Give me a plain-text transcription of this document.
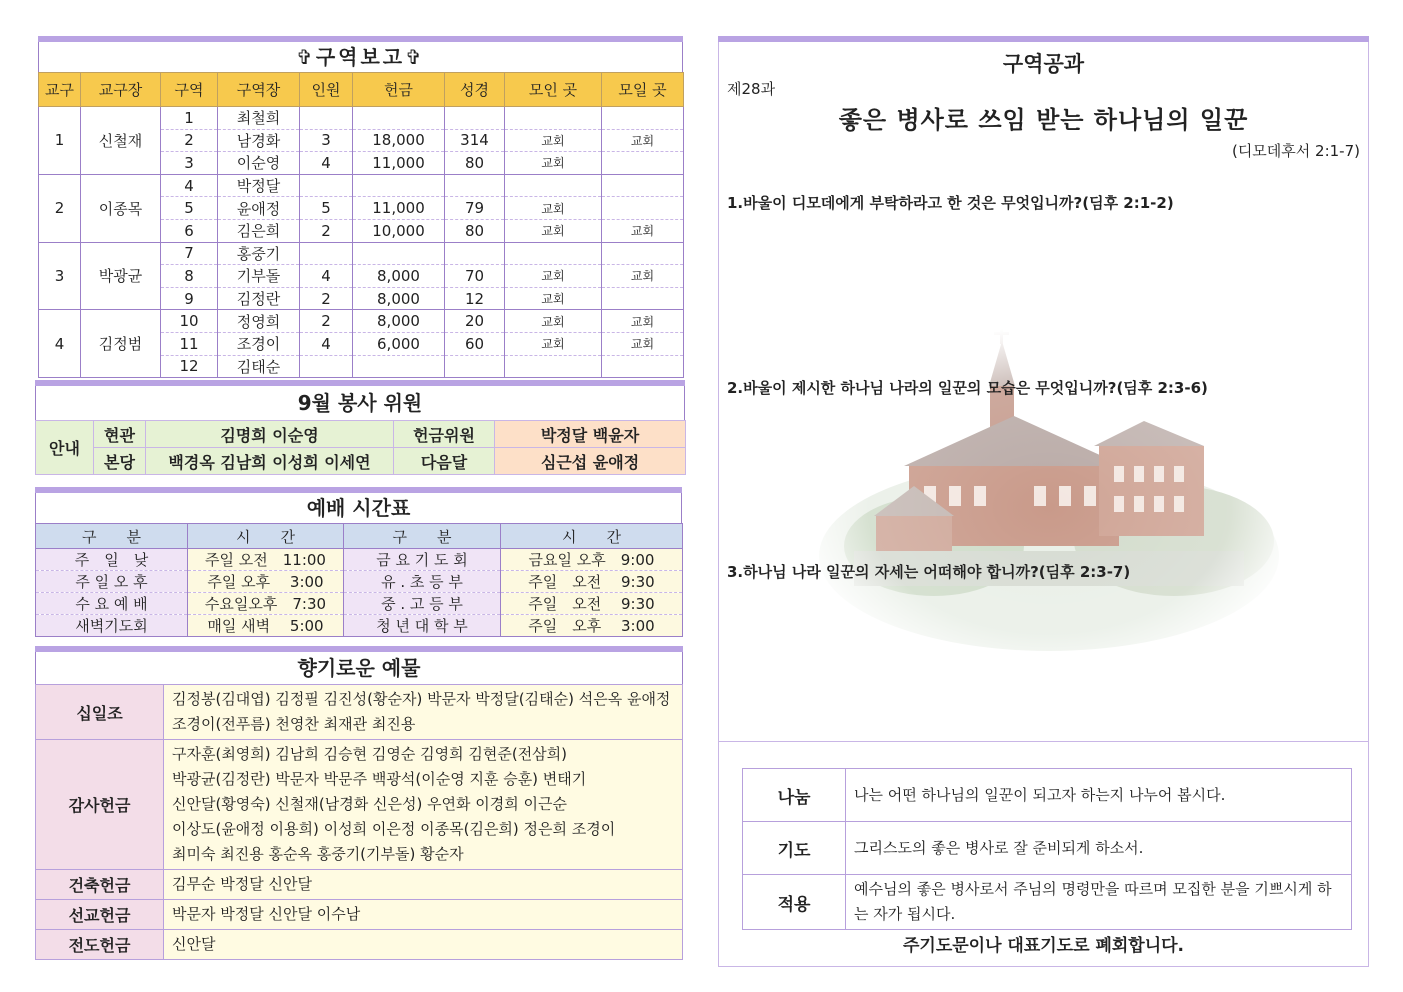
✞구역보고✞
교구	교구장	구역	구역장	인원	헌금	성경	모인 곳	모일 곳
1	신철재	1	최철희					
		2	남경화	3	18,000	314	교회	교회
		3	이순영	4	11,000	80	교회	
2	이종목	4	박정달					
		5	윤애정	5	11,000	79	교회	
		6	김은희	2	10,000	80	교회	교회
3	박광균	7	홍중기					
		8	기부돌	4	8,000	70	교회	교회
		9	김정란	2	8,000	12	교회	
4	김정범	10	정영희	2	8,000	20	교회	교회
		11	조경이	4	6,000	60	교회	교회
		12	김태순					
9월 봉사 위원
안내	현관	김명희 이순영	헌금위원	박정달 백윤자
	본당	백경옥 김남희 이성희 이세연	다음달	심근섭 윤애정
예배 시간표
구　　분	시　　간	구　　분	시　　간
주　일　낮	주일 오전　11:00	금 요 기 도 회	금요일 오후　9:00
주 일 오 후	주일 오후　 3:00	유 . 초 등 부	주일　오전　 9:30
수 요 예 배	수요일오후　7:30	중 . 고 등 부	주일　오전　 9:30
새벽기도회	매일 새벽　 5:00	청 년 대 학 부	주일　오후　 3:00
향기로운 예물
십일조	김정봉(김대엽) 김정필 김진성(황순자) 박문자 박정달(김태순) 석은옥 윤애정
조경이(전푸름) 천영찬 최재관 최진용

감사헌금	구자훈(최영희) 김남희 김승현 김영순 김영희 김현준(전삼희)
박광균(김정란) 박문자 박문주 백광석(이순영 지훈 승훈) 변태기
신안달(황영숙) 신철재(남경화 신은성) 우연화 이경희 이근순
이상도(윤애정 이용희) 이성희 이은정 이종목(김은희) 정은희 조경이
최미숙 최진용 홍순옥 홍중기(기부돌) 황순자

건축헌금	김무순 박정달 신안달

선교헌금	박문자 박정달 신안달 이수남

전도헌금	신안달
구역공과
제28과
좋은 병사로 쓰임 받는 하나님의 일꾼
(디모데후서 2:1-7)
1.바울이 디모데에게 부탁하라고 한 것은 무엇입니까?(딤후 2:1-2)
2.바울이 제시한 하나님 나라의 일꾼의 모습은 무엇입니까?(딤후 2:3-6)
3.하나님 나라 일꾼의 자세는 어떠해야 합니까?(딤후 2:3-7)
나눔	나는 어떤 하나님의 일꾼이 되고자 하는지 나누어 봅시다.
기도	그리스도의 좋은 병사로 잘 준비되게 하소서.
적용	예수님의 좋은 병사로서 주님의 명령만을 따르며 모집한 분을 기쁘시게 하는 자가 됩시다.
주기도문이나 대표기도로 폐회합니다.
